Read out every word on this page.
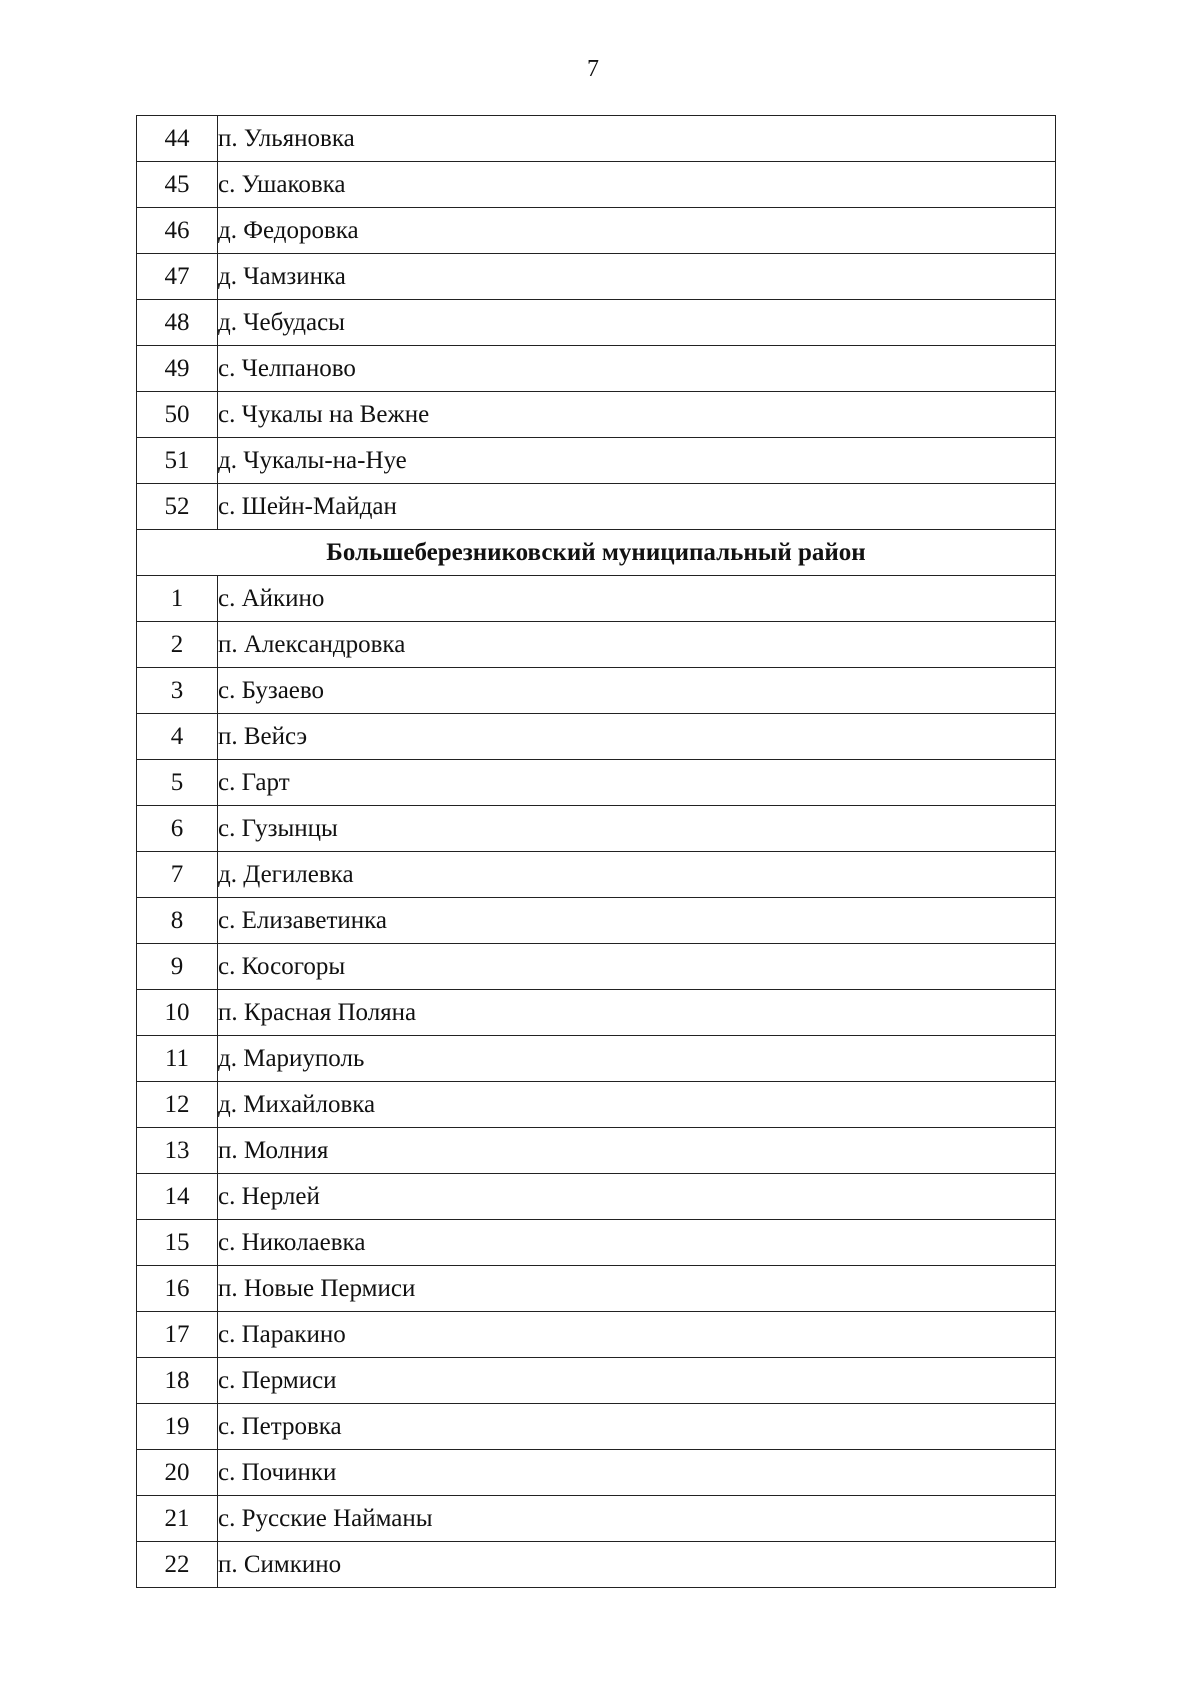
7
44	п. Ульяновка
45	с. Ушаковка
46	д. Федоровка
47	д. Чамзинка
48	д. Чебудасы
49	с. Челпаново
50	с. Чукалы на Вежне
51	д. Чукалы-на-Нуе
52	с. Шейн-Майдан
Большеберезниковский муниципальный район	
1	с. Айкино
2	п. Александровка
3	с. Бузаево
4	п. Вейсэ
5	с. Гарт
6	с. Гузынцы
7	д. Дегилевка
8	с. Елизаветинка
9	с. Косогоры
10	п. Красная Поляна
11	д. Мариуполь
12	д. Михайловка
13	п. Молния
14	с. Нерлей
15	с. Николаевка
16	п. Новые Пермиси
17	с. Паракино
18	с. Пермиси
19	с. Петровка
20	с. Починки
21	с. Русские Найманы
22	п. Симкино
